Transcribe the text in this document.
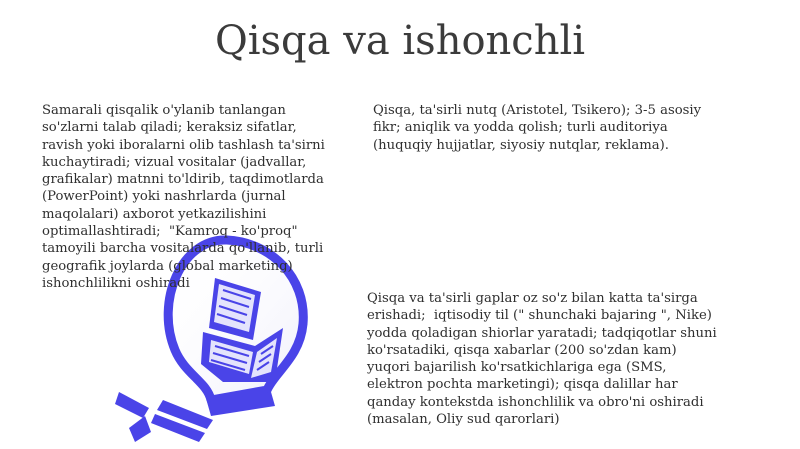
Qisqa va ishonchli

Samarali qisqalik o'ylanib tanlangan
so'zlarni talab qiladi; keraksiz sifatlar,
ravish yoki iboralarni olib tashlash ta'sirni
kuchaytiradi; vizual vositalar (jadvallar,
grafikalar) matnni to'ldirib, taqdimotlarda
(PowerPoint) yoki nashrlarda (jurnal
maqolalari) axborot yetkazilishini
optimallashtiradi;  "Kamroq - ko'proq"
tamoyili barcha vositalarda qo'llanib, turli
geografik joylarda (global marketing)
ishonchlilikni oshiradi

Qisqa, ta'sirli nutq (Aristotel, Tsikero); 3-5 asosiy
fikr; aniqlik va yodda qolish; turli auditoriya
(huquqiy hujjatlar, siyosiy nutqlar, reklama).

Qisqa va ta'sirli gaplar oz so'z bilan katta ta'sirga
erishadi;  iqtisodiy til (" shunchaki bajaring ", Nike)
yodda qoladigan shiorlar yaratadi; tadqiqotlar shuni
ko'rsatadiki, qisqa xabarlar (200 so'zdan kam)
yuqori bajarilish ko'rsatkichlariga ega (SMS,
elektron pochta marketingi); qisqa dalillar har
qanday kontekstda ishonchlilik va obro'ni oshiradi
(masalan, Oliy sud qarorlari)
